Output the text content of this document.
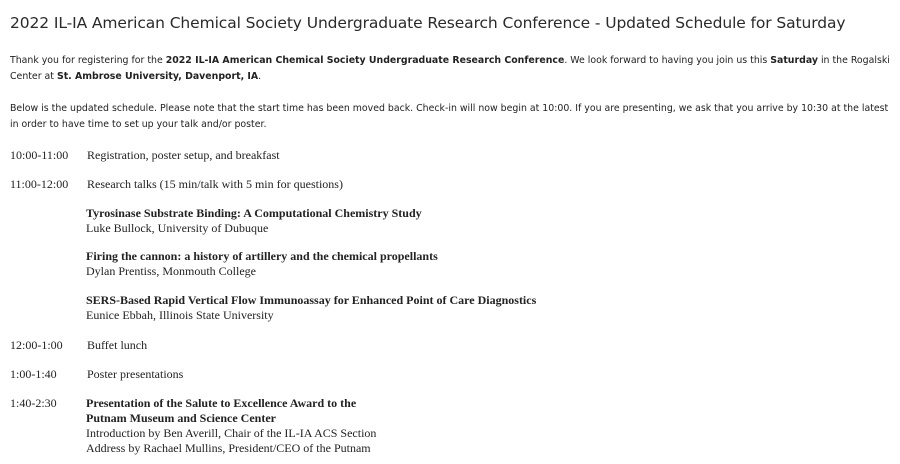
2022 IL-IA American Chemical Society Undergraduate Research Conference - Updated Schedule for Saturday
Thank you for registering for the 2022 IL-IA American Chemical Society Undergraduate Research Conference. We look forward to having you join us this Saturday in the Rogalski Center at St. Ambrose University, Davenport, IA.
Below is the updated schedule. Please note that the start time has been moved back. Check-in will now begin at 10:00. If you are presenting, we ask that you arrive by 10:30 at the latest in order to have time to set up your talk and/or poster.
10:00-11:00 Registration, poster setup, and breakfast
11:00-12:00 Research talks (15 min/talk with 5 min for questions)
Tyrosinase Substrate Binding: A Computational Chemistry Study
Luke Bullock, University of Dubuque
Firing the cannon: a history of artillery and the chemical propellants
Dylan Prentiss, Monmouth College
SERS-Based Rapid Vertical Flow Immunoassay for Enhanced Point of Care Diagnostics
Eunice Ebbah, Illinois State University
12:00-1:00 Buffet lunch
1:00-1:40	Poster presentations
1:40-2:30 Presentation of the Salute to Excellence Award to the
Putnam Museum and Science Center
Introduction by Ben Averill, Chair of the IL-IA ACS Section
Address by Rachael Mullins, President/CEO of the Putnam
